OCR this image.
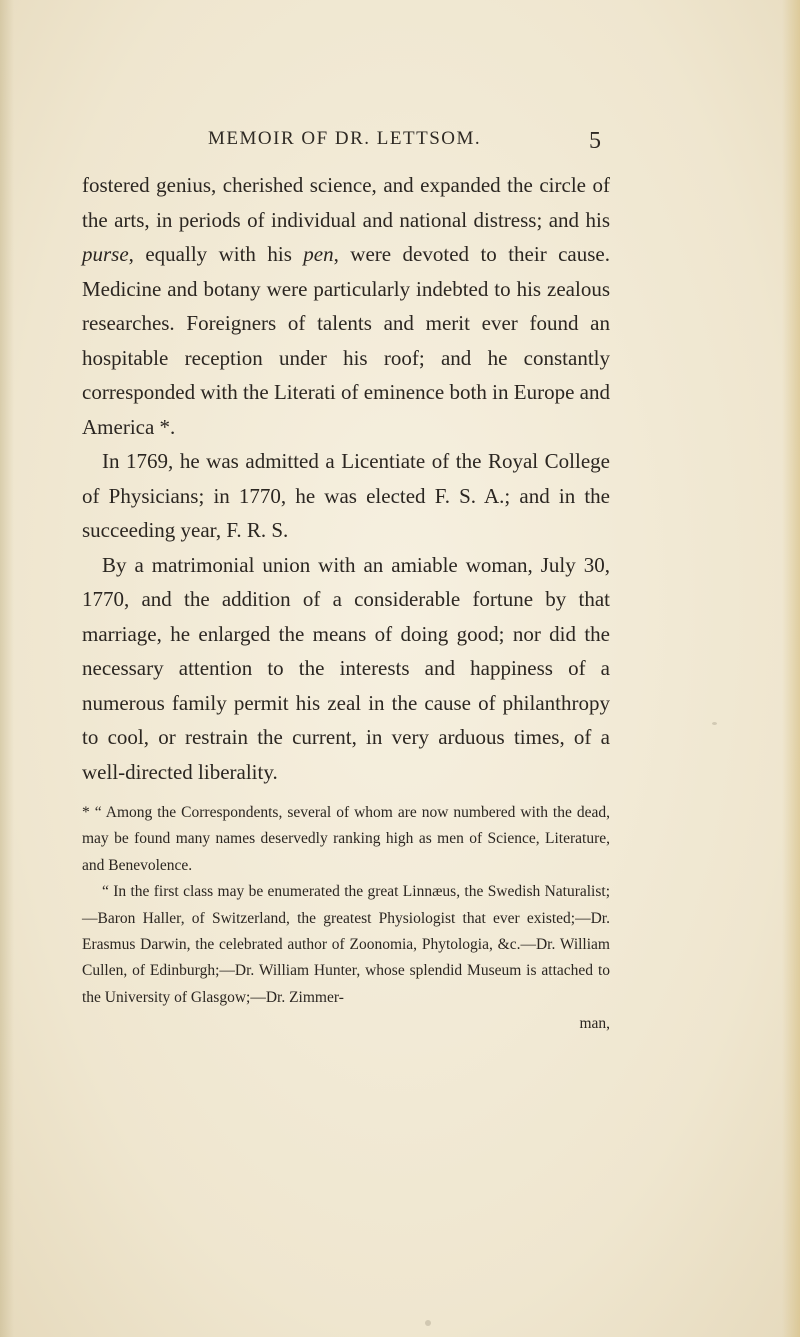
MEMOIR OF DR. LETTSOM.	5

fostered genius, cherished science, and expanded the circle of the arts, in periods of individual and national distress; and his purse, equally with his pen, were devoted to their cause. Medicine and botany were particularly indebted to his zealous researches. Foreigners of talents and merit ever found an hospitable reception under his roof; and he constantly corresponded with the Literati of eminence both in Europe and America *.

In 1769, he was admitted a Licentiate of the Royal College of Physicians; in 1770, he was elected F. S. A.; and in the succeeding year, F. R. S.

By a matrimonial union with an amiable woman, July 30, 1770, and the addition of a considerable fortune by that marriage, he enlarged the means of doing good; nor did the necessary attention to the interests and happiness of a numerous family permit his zeal in the cause of philanthropy to cool, or restrain the current, in very arduous times, of a well-directed liberality.

* “ Among the Correspondents, several of whom are now numbered with the dead, may be found many names deservedly ranking high as men of Science, Literature, and Benevolence.

“ In the first class may be enumerated the great Linnæus, the Swedish Naturalist;—Baron Haller, of Switzerland, the greatest Physiologist that ever existed;—Dr. Erasmus Darwin, the celebrated author of Zoonomia, Phytologia, &c.—Dr. William Cullen, of Edinburgh;—Dr. William Hunter, whose splendid Museum is attached to the University of Glasgow;—Dr. Zimmer-

man,
